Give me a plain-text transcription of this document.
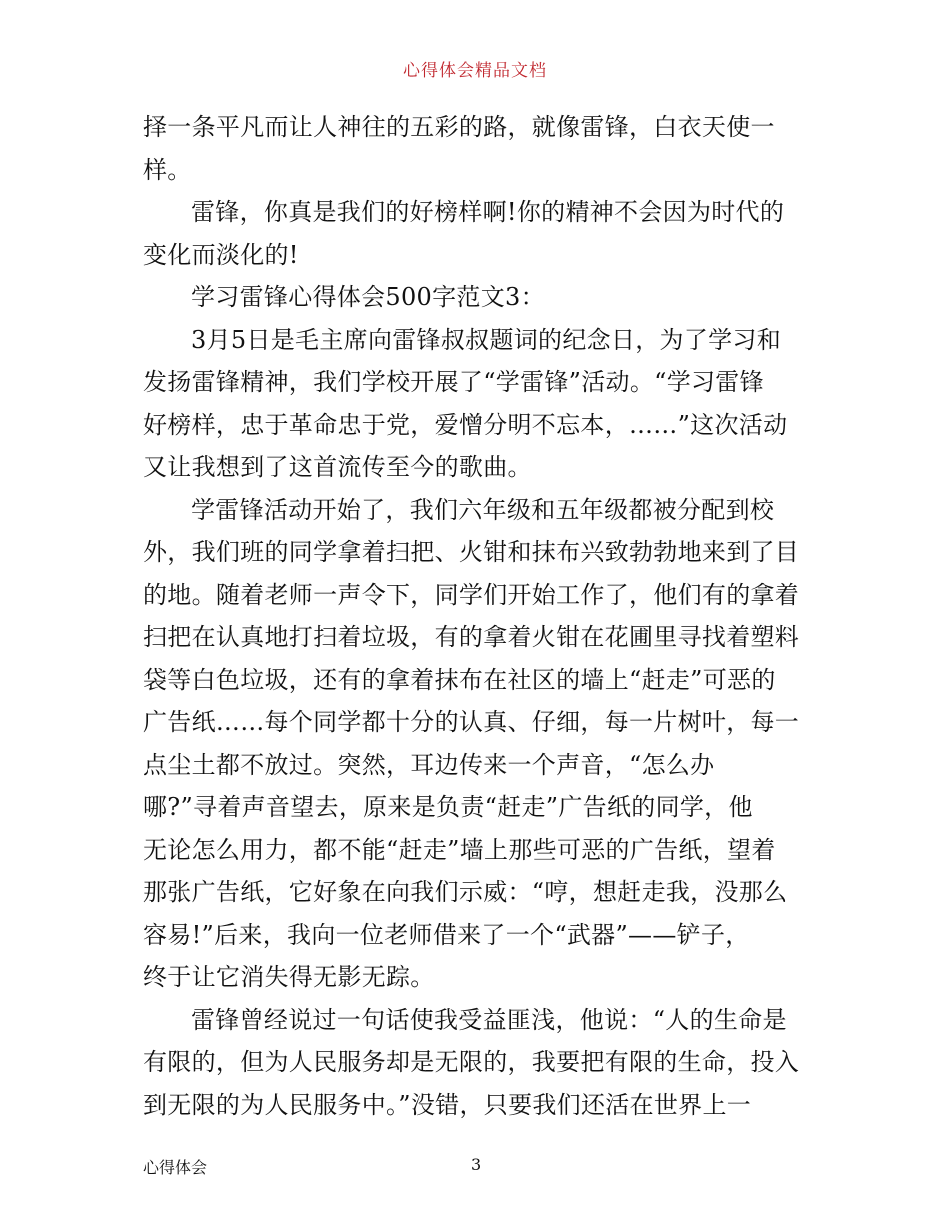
心得体会精品文档
择一条平凡而让人神往的五彩的路，就像雷锋，白衣天使一
样。
雷锋，你真是我们的好榜样啊!你的精神不会因为时代的
变化而淡化的!
学习雷锋心得体会500字范文3：
3月5日是毛主席向雷锋叔叔题词的纪念日，为了学习和
发扬雷锋精神，我们学校开展了“学雷锋”活动。“学习雷锋
好榜样，忠于革命忠于党，爱憎分明不忘本，……”这次活动
又让我想到了这首流传至今的歌曲。
学雷锋活动开始了，我们六年级和五年级都被分配到校
外，我们班的同学拿着扫把、火钳和抹布兴致勃勃地来到了目
的地。随着老师一声令下，同学们开始工作了，他们有的拿着
扫把在认真地打扫着垃圾，有的拿着火钳在花圃里寻找着塑料
袋等白色垃圾，还有的拿着抹布在社区的墙上“赶走”可恶的
广告纸……每个同学都十分的认真、仔细，每一片树叶，每一
点尘土都不放过。突然，耳边传来一个声音，“怎么办
哪?”寻着声音望去，原来是负责“赶走”广告纸的同学，他
无论怎么用力，都不能“赶走”墙上那些可恶的广告纸，望着
那张广告纸，它好象在向我们示威：“哼，想赶走我，没那么
容易!”后来，我向一位老师借来了一个“武器”——铲子，
终于让它消失得无影无踪。
雷锋曾经说过一句话使我受益匪浅，他说：“人的生命是
有限的，但为人民服务却是无限的，我要把有限的生命，投入
到无限的为人民服务中。”没错，只要我们还活在世界上一
心得体会	3
